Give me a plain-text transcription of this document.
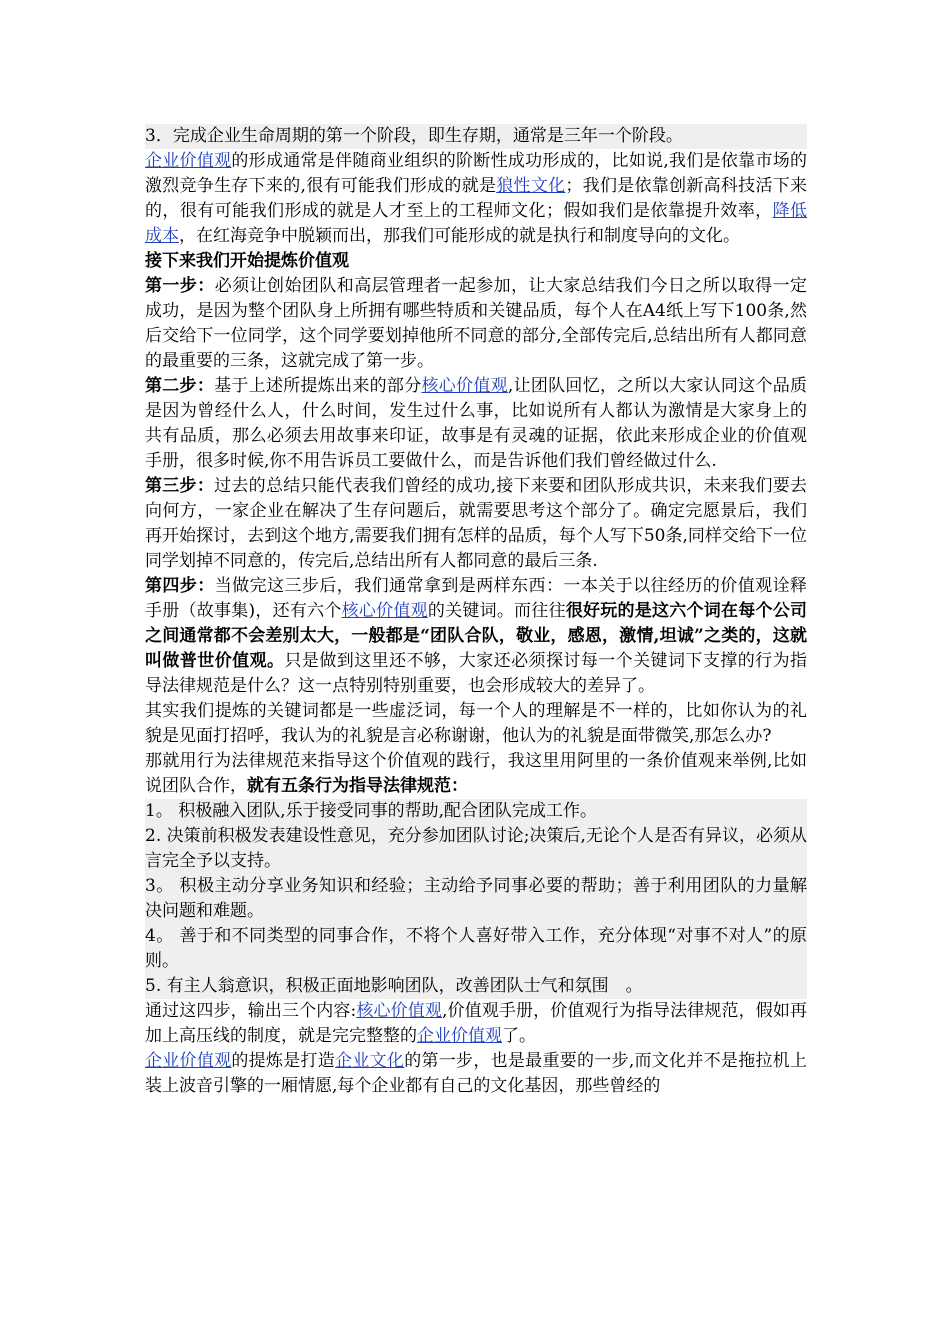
3．完成企业生命周期的第一个阶段，即生存期，通常是三年一个阶段。

企业价值观的形成通常是伴随商业组织的阶断性成功形成的，比如说,我们是依靠市场的激烈竞争生存下来的,很有可能我们形成的就是狼性文化；我们是依靠创新高科技活下来的，很有可能我们形成的就是人才至上的工程师文化；假如我们是依靠提升效率，降低成本，在红海竞争中脱颖而出，那我们可能形成的就是执行和制度导向的文化。

接下来我们开始提炼价值观

第一步：必须让创始团队和高层管理者一起参加，让大家总结我们今日之所以取得一定成功，是因为整个团队身上所拥有哪些特质和关键品质，每个人在A4纸上写下100条,然后交给下一位同学，这个同学要划掉他所不同意的部分,全部传完后,总结出所有人都同意的最重要的三条，这就完成了第一步。

第二步：基于上述所提炼出来的部分核心价值观,让团队回忆，之所以大家认同这个品质是因为曾经什么人，什么时间，发生过什么事，比如说所有人都认为激情是大家身上的共有品质，那么必须去用故事来印证，故事是有灵魂的证据，依此来形成企业的价值观手册，很多时候,你不用告诉员工要做什么，而是告诉他们我们曾经做过什么.

第三步：过去的总结只能代表我们曾经的成功,接下来要和团队形成共识，未来我们要去向何方，一家企业在解决了生存问题后，就需要思考这个部分了。确定完愿景后，我们再开始探讨，去到这个地方,需要我们拥有怎样的品质，每个人写下50条,同样交给下一位同学划掉不同意的，传完后,总结出所有人都同意的最后三条.

第四步：当做完这三步后，我们通常拿到是两样东西：一本关于以往经历的价值观诠释手册（故事集)，还有六个核心价值观的关键词。而往往很好玩的是这六个词在每个公司之间通常都不会差别太大，一般都是“团队合队，敬业，感恩，激情,坦诚”之类的，这就叫做普世价值观。只是做到这里还不够，大家还必须探讨每一个关键词下支撑的行为指导法律规范是什么？这一点特别特别重要，也会形成较大的差异了。

其实我们提炼的关键词都是一些虚泛词，每一个人的理解是不一样的，比如你认为的礼貌是见面打招呼，我认为的礼貌是言必称谢谢，他认为的礼貌是面带微笑,那怎么办?

那就用行为法律规范来指导这个价值观的践行，我这里用阿里的一条价值观来举例,比如说团队合作，就有五条行为指导法律规范：

1。 积极融入团队,乐于接受同事的帮助,配合团队完成工作。

2. 决策前积极发表建设性意见，充分参加团队讨论;决策后,无论个人是否有异议，必须从言完全予以支持。

3。 积极主动分享业务知识和经验；主动给予同事必要的帮助；善于利用团队的力量解决问题和难题。

4。 善于和不同类型的同事合作，不将个人喜好带入工作，充分体现“对事不对人”的原则。

5. 有主人翁意识，积极正面地影响团队，改善团队士气和氛围　。

通过这四步，输出三个内容:核心价值观,价值观手册，价值观行为指导法律规范，假如再加上高压线的制度，就是完完整整的企业价值观了。

企业价值观的提炼是打造企业文化的第一步，也是最重要的一步,而文化并不是拖拉机上装上波音引擎的一厢情愿,每个企业都有自己的文化基因，那些曾经的
